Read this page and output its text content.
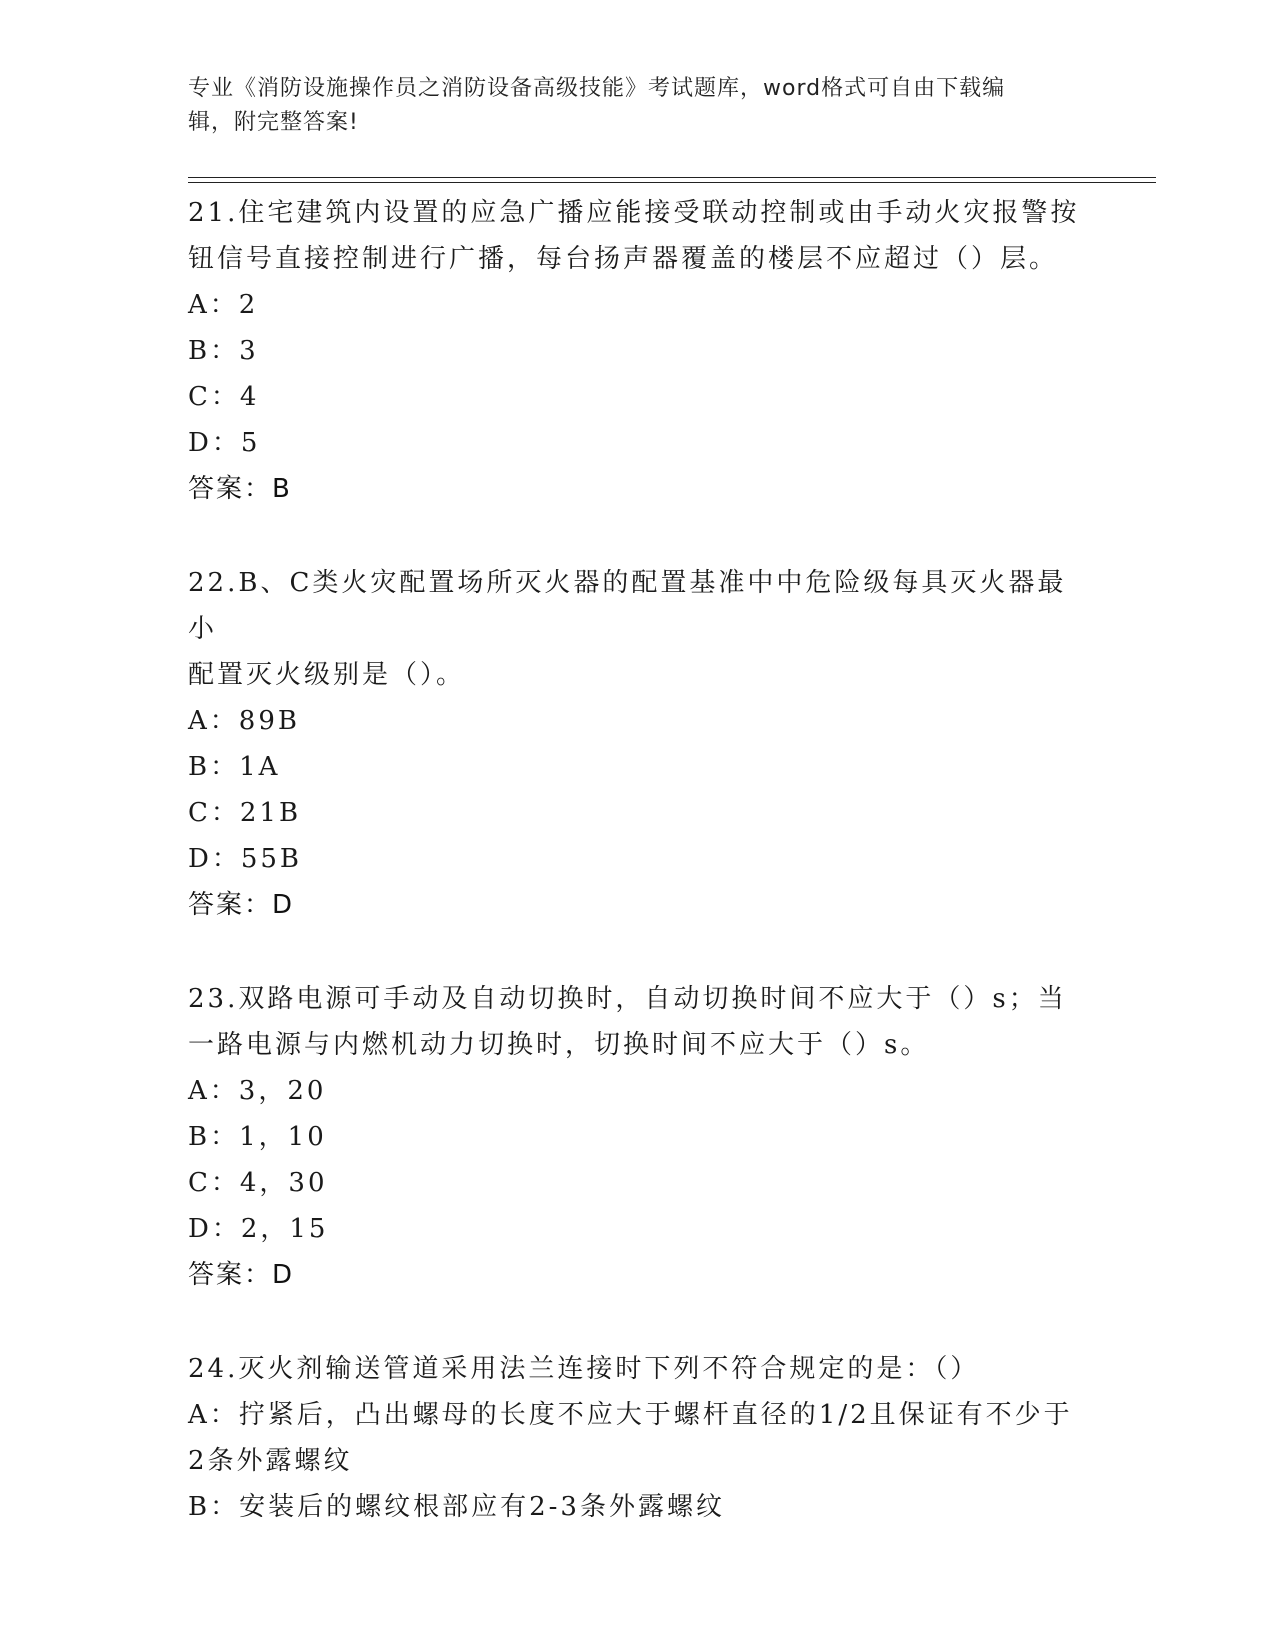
专业《消防设施操作员之消防设备高级技能》考试题库，word格式可自由下载编
辑，附完整答案!
21.住宅建筑内设置的应急广播应能接受联动控制或由手动火灾报警按
钮信号直接控制进行广播，每台扬声器覆盖的楼层不应超过（）层。
A：2
B：3
C：4
D：5
答案：B
22.B、C类火灾配置场所灭火器的配置基准中中危险级每具灭火器最小
配置灭火级别是（）。
A：89B
B：1A
C：21B
D：55B
答案：D
23.双路电源可手动及自动切换时，自动切换时间不应大于（）s；当
一路电源与内燃机动力切换时，切换时间不应大于（）s。
A：3，20
B：1，10
C：4，30
D：2，15
答案：D
24.灭火剂输送管道采用法兰连接时下列不符合规定的是：（）
A：拧紧后，凸出螺母的长度不应大于螺杆直径的1/2且保证有不少于
2条外露螺纹
B：安装后的螺纹根部应有2-3条外露螺纹
